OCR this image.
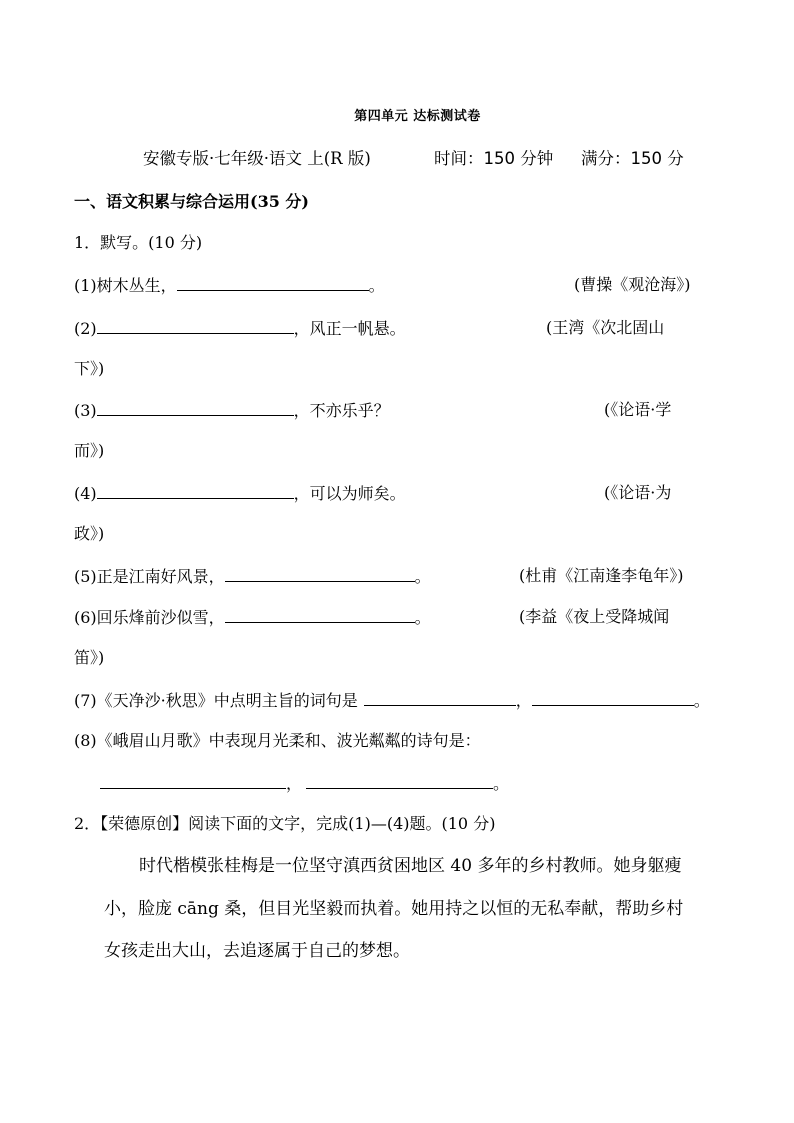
第四单元 达标测试卷
安徽专版·七年级·语文 上(R 版)	时间：150 分钟 满分：150 分
一、语文积累与综合运用(35 分)
1．默写。(10 分)
(1)树木丛生，	。	(曹操《观沧海》)
(2)	，风正一帆悬。	(王湾《次北固山
下》)
(3)	，不亦乐乎？	(《论语·学
而》)
(4)	，可以为师矣。	(《论语·为
政》)
(5)正是江南好风景，	。	(杜甫《江南逢李龟年》)
(6)回乐烽前沙似雪，	。	(李益《夜上受降城闻
笛》)
(7)《天净沙·秋思》中点明主旨的词句是	，	。
(8)《峨眉山月歌》中表现月光柔和、波光粼粼的诗句是：
，	。
2．【荣德原创】阅读下面的文字，完成(1)—(4)题。(10 分)
时代楷模张桂梅是一位坚守滇西贫困地区 40 多年的乡村教师。她身躯瘦
小，脸庞 cāng 桑，但目光坚毅而执着。她用持之以恒的无私奉献，帮助乡村
女孩走出大山，去追逐属于自己的梦想。
